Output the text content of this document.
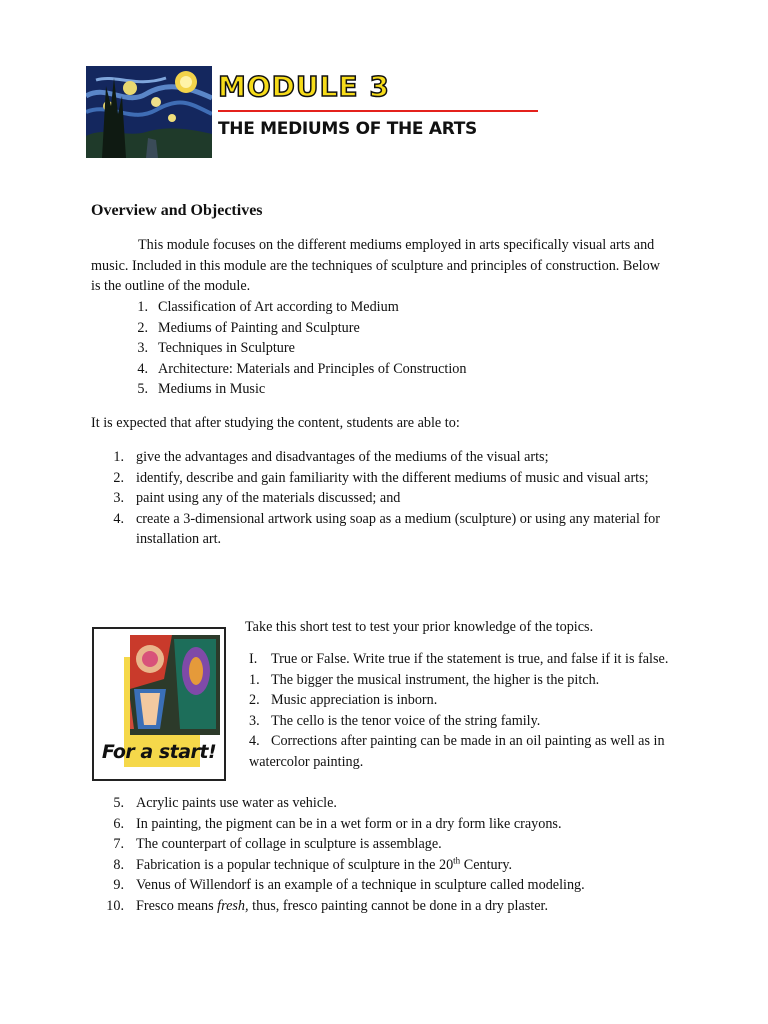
MODULE 3
THE MEDIUMS OF THE ARTS
Overview and Objectives

This module focuses on the different mediums employed in arts specifically visual arts and music. Included in this module are the techniques of sculpture and principles of construction. Below is the outline of the module.

1. Classification of Art according to Medium
2. Mediums of Painting and Sculpture
3. Techniques in Sculpture
4. Architecture: Materials and Principles of Construction
5. Mediums in Music

It is expected that after studying the content, students are able to:

1. give the advantages and disadvantages of the mediums of the visual arts;
2. identify, describe and gain familiarity with the different mediums of music and visual arts;
3. paint using any of the materials discussed; and
4. create a 3-dimensional artwork using soap as a medium (sculpture) or using any material for installation art.
For a start!

Take this short test to test your prior knowledge of the topics.

I. True or False. Write true if the statement is true, and false if it is false.
1. The bigger the musical instrument, the higher is the pitch.
2. Music appreciation is inborn.
3. The cello is the tenor voice of the string family.
4. Corrections after painting can be made in an oil painting as well as in watercolor painting.
5. Acrylic paints use water as vehicle.
6. In painting, the pigment can be in a wet form or in a dry form like crayons.
7. The counterpart of collage in sculpture is assemblage.
8. Fabrication is a popular technique of sculpture in the 20th Century.
9. Venus of Willendorf is an example of a technique in sculpture called modeling.
10. Fresco means fresh, thus, fresco painting cannot be done in a dry plaster.
